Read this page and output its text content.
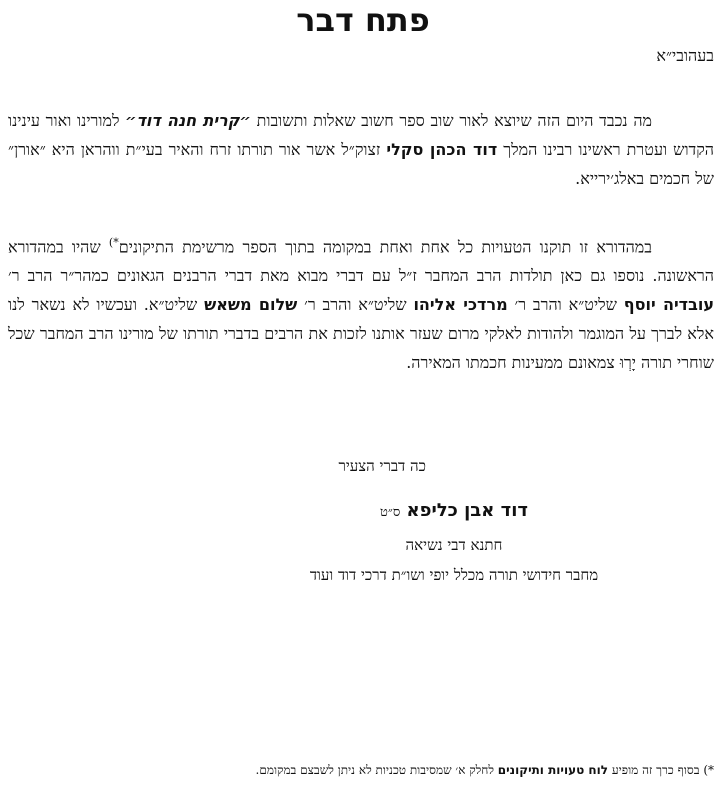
פתח דבר
בעהובי״א
מה נכבד היום הזה שיוצא לאור שוב ספר חשוב שאלות ותשובות ״קרית חנה דוד״ למורינו ואור עינינו הקדוש ועטרת ראשינו רבינו המלך דוד הכהן סקלי זצוק״ל אשר אור תורתו זרח והאיר בעי״ת ווהראן היא ״אורן״ של חכמים באלג׳ירייא.
במהדורא זו תוקנו הטעויות כל אחת ואחת במקומה בתוך הספר מרשימת התיקונים*) שהיו במהדורא הראשונה. נוספו גם כאן תולדות הרב המחבר ז״ל עם דברי מבוא מאת דברי הרבנים הגאונים כמהר״ר הרב ר׳ עובדיה יוסף שליט״א והרב ר׳ מרדכי אליהו שליט״א והרב ר׳ שלום משאש שליט״א. ועכשיו לא נשאר לנו אלא לברך על המוגמר ולהודות לאלקי מרום שעזר אותנו לזכות את הרבים בדברי תורתו של מורינו הרב המחבר שכל שוחרי תורה יָרְוּ צמאונם ממעינות חכמתו המאירה.
כה דברי הצעיר
דוד אבן כליפא ס״ט
חתנא דבי נשיאה
מחבר חידושי תורה מכלל יופי ושו״ת דרכי דוד ועוד
*) בסוף כרך זה מופיע לוח טעויות ותיקונים לחלק א׳ שמסיבות טכניות לא ניתן לשבצם במקומם.
